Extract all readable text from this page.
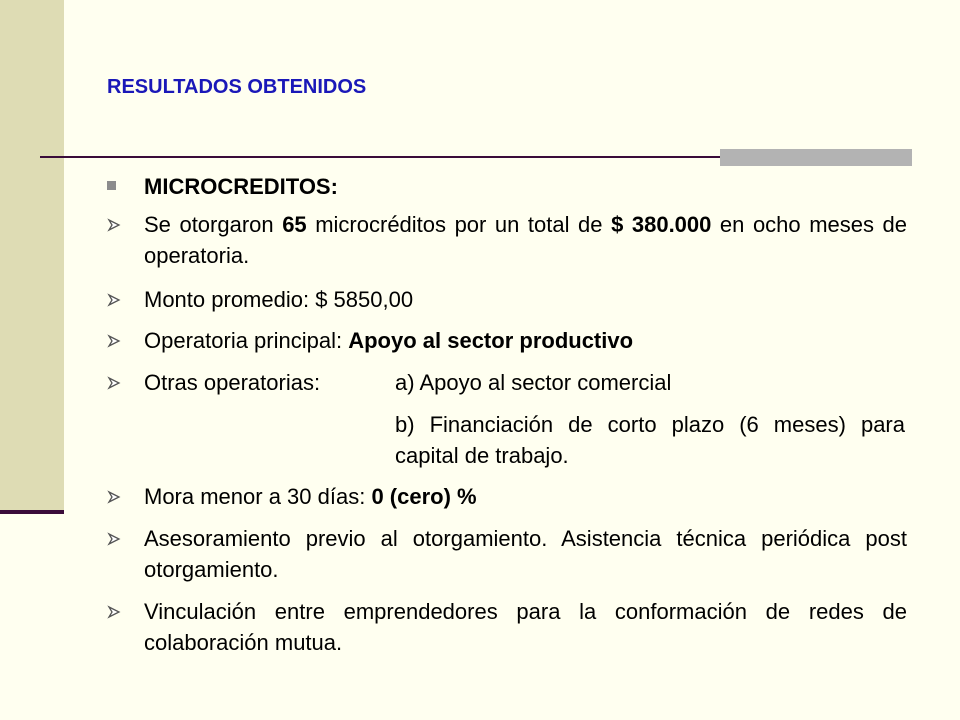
RESULTADOS OBTENIDOS
MICROCREDITOS:
Se otorgaron 65 microcréditos por un total de $ 380.000 en ocho meses de operatoria.
Monto promedio: $ 5850,00
Operatoria principal: Apoyo al sector productivo
Otras operatorias:	a) Apoyo al sector comercial
b) Financiación de corto plazo (6 meses) para capital de trabajo.
Mora menor a 30 días: 0 (cero) %
Asesoramiento previo al otorgamiento. Asistencia técnica periódica post otorgamiento.
Vinculación entre emprendedores para la conformación de redes de colaboración mutua.
